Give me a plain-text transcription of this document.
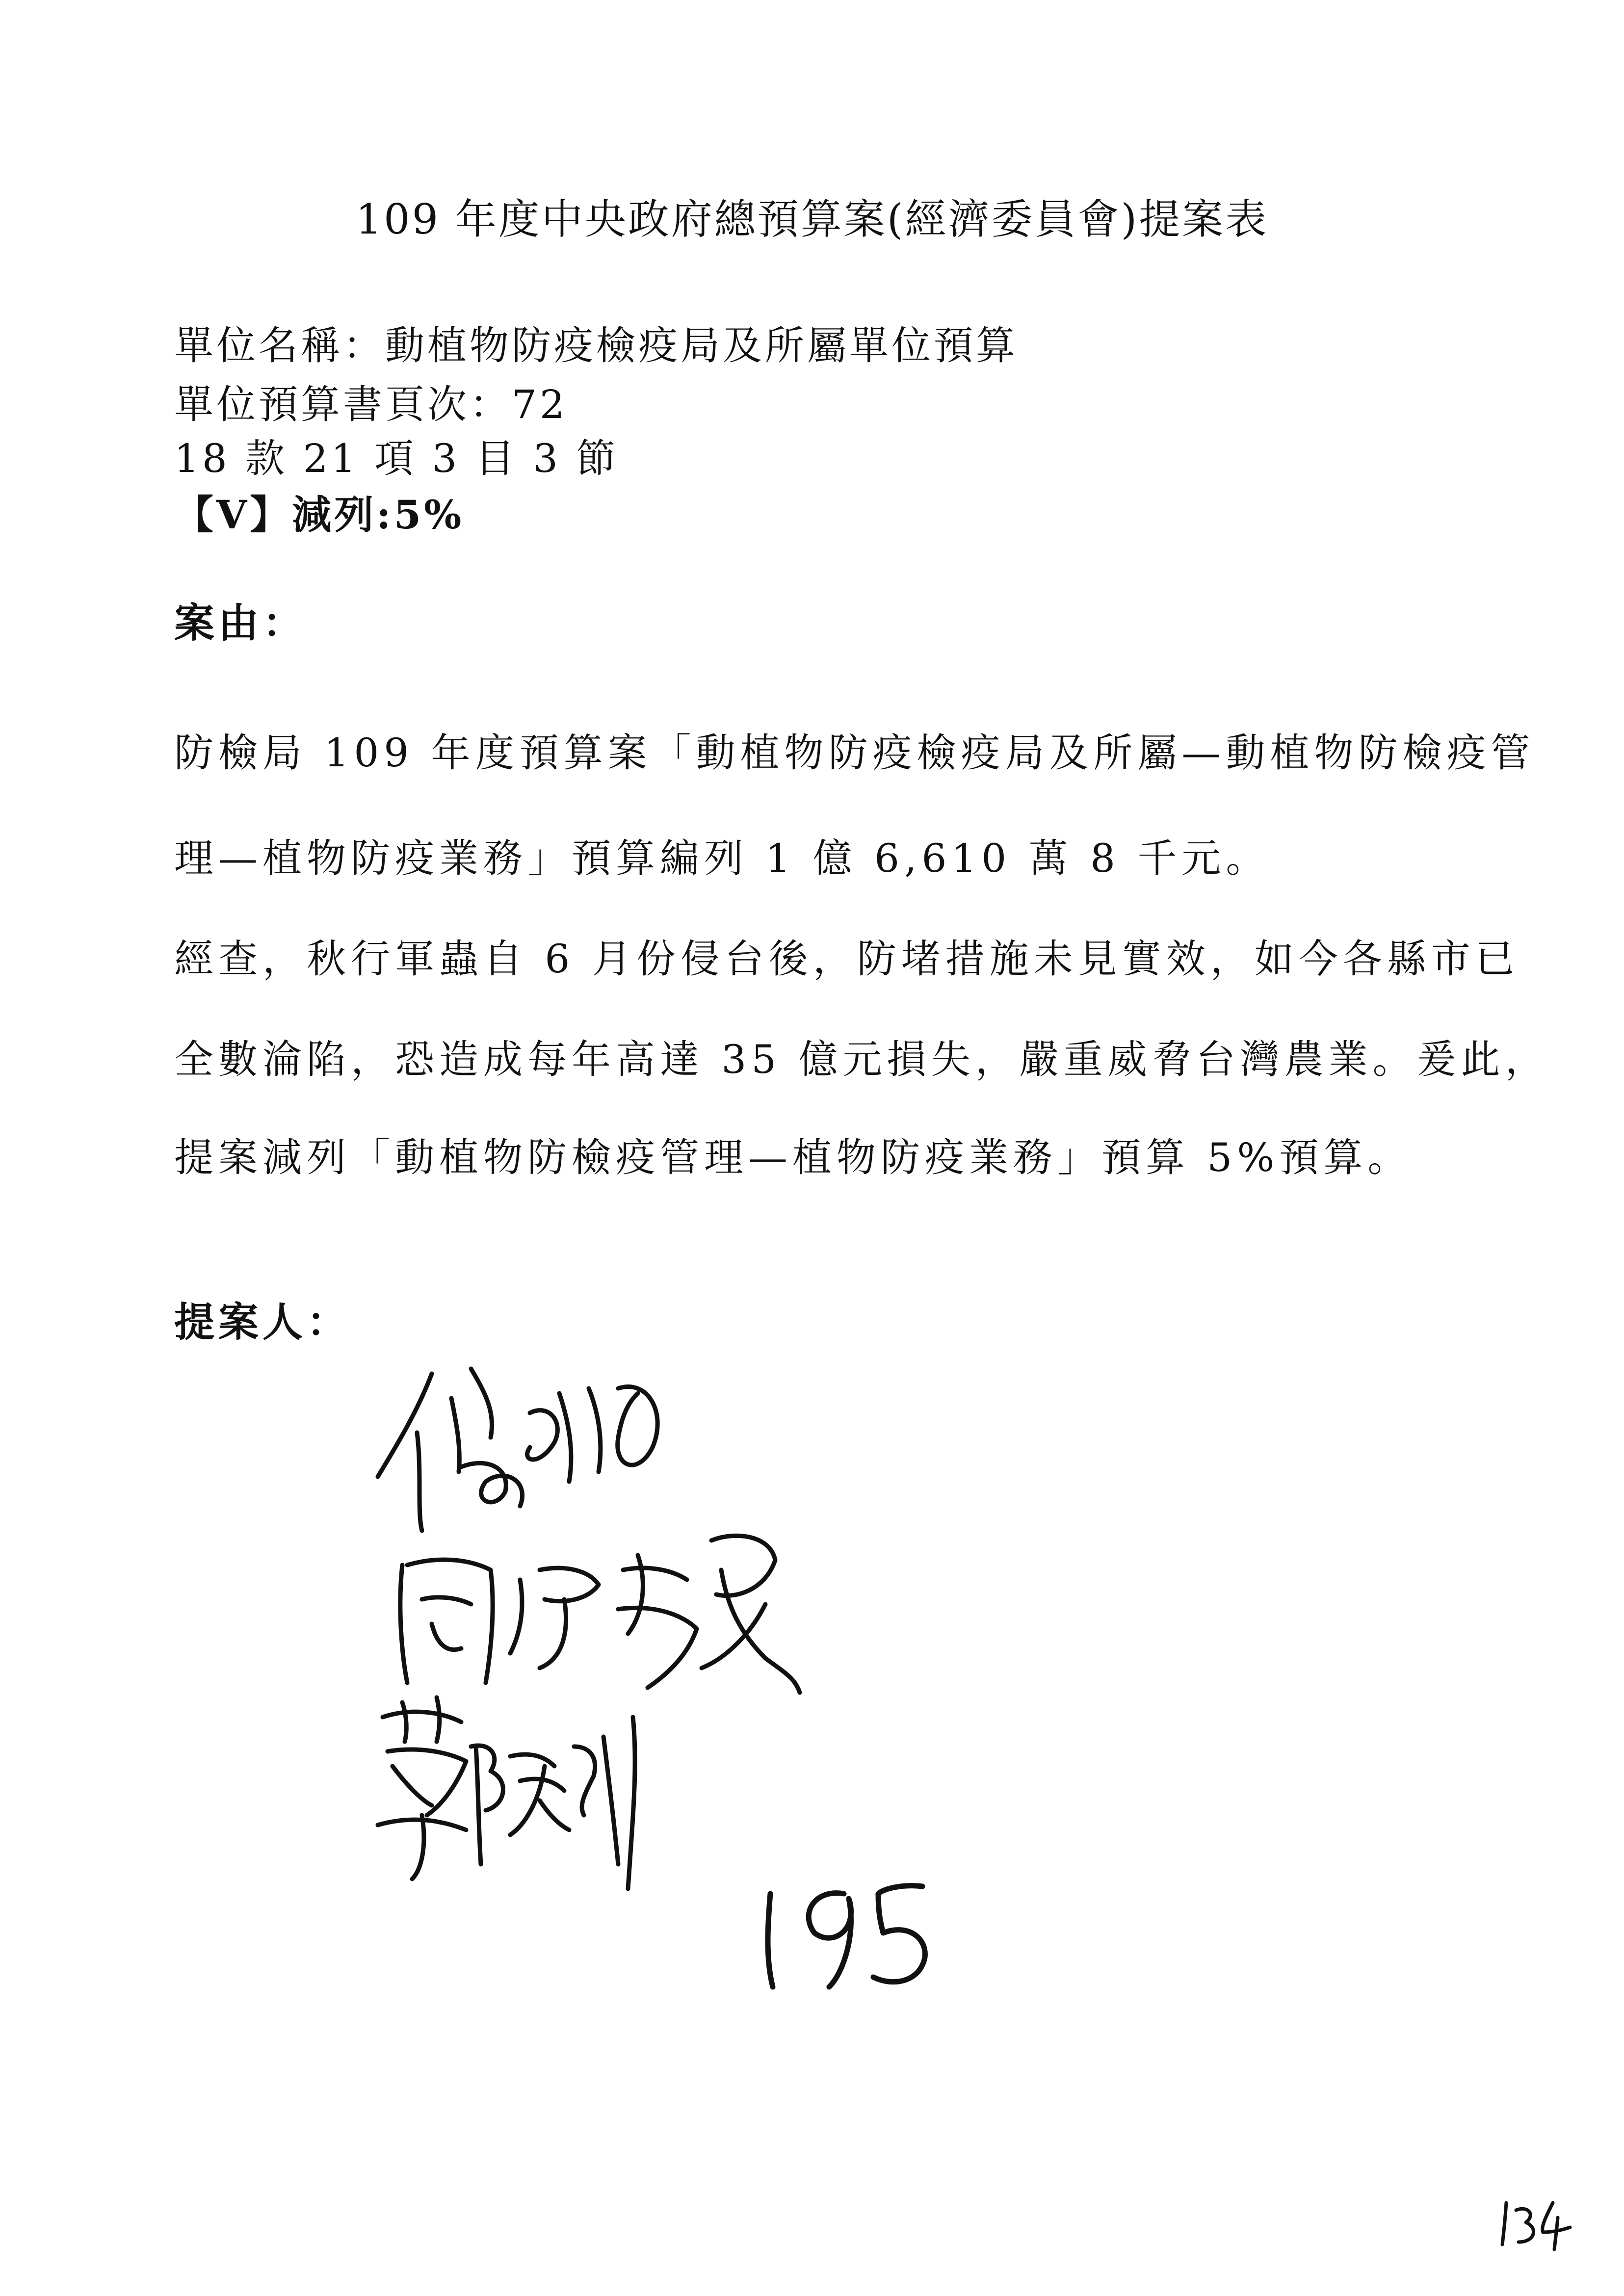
109 年度中央政府總預算案(經濟委員會)提案表
單位名稱：動植物防疫檢疫局及所屬單位預算
單位預算書頁次：72
18 款 21 項 3 目 3 節
【V】減列:5%
案由：
防檢局 109 年度預算案「動植物防疫檢疫局及所屬—動植物防檢疫管
理—植物防疫業務」預算編列 1 億 6,610 萬 8 千元。
經查，秋行軍蟲自 6 月份侵台後，防堵措施未見實效，如今各縣市已
全數淪陷，恐造成每年高達 35 億元損失，嚴重威脅台灣農業。爰此，
提案減列「動植物防檢疫管理—植物防疫業務」預算 5%預算。
提案人：
